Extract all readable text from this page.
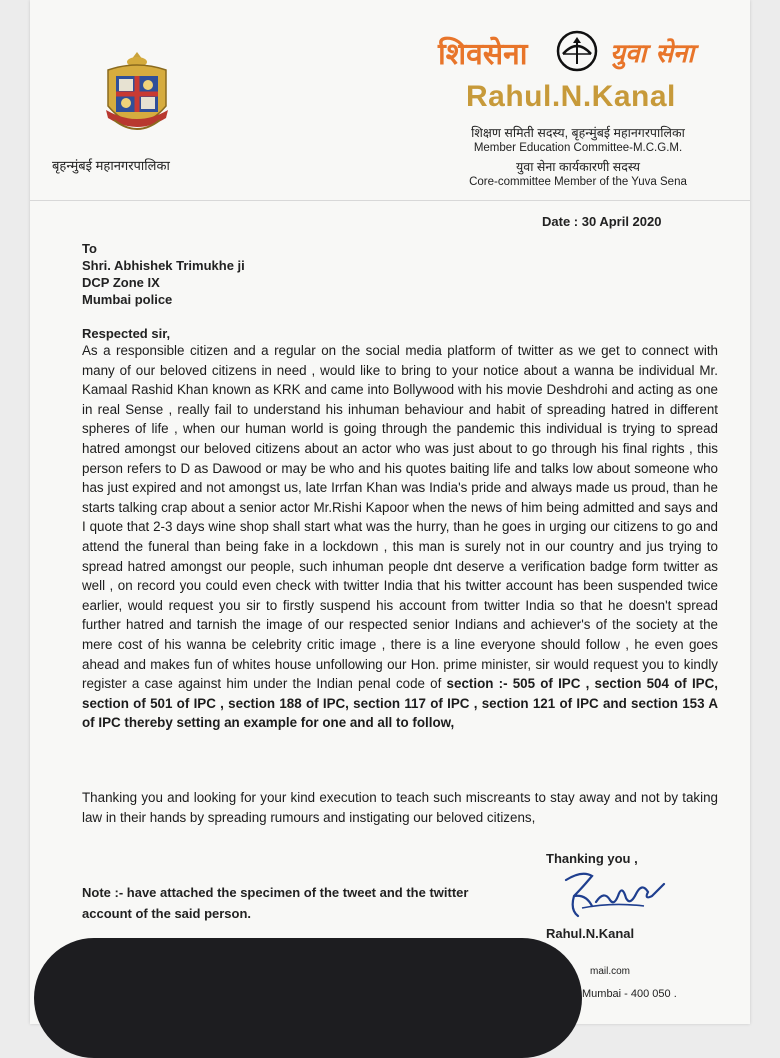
बृहन्मुंबई महानगरपालिका
शिवसेना	युवा सेना
Rahul.N.Kanal
शिक्षण समिती सदस्य, बृहन्मुंबई महानगरपालिका
Member Education Committee-M.C.G.M.
युवा सेना कार्यकारणी सदस्य
Core-committee Member of the Yuva Sena
Date : 30 April 2020
To
Shri. Abhishek Trimukhe ji
DCP Zone IX
Mumbai police
Respected sir,
As a responsible citizen and a regular on the social media platform of twitter as we get to connect with many of our beloved citizens in need , would like to bring to your notice about a wanna be individual Mr. Kamaal Rashid Khan known as KRK and came into Bollywood with his movie Deshdrohi and acting as one in real Sense , really fail to understand his inhuman behaviour and habit of spreading hatred in different spheres of life , when our human world is going through the pandemic this individual is trying to spread hatred amongst our beloved citizens about an actor who was just about to go through his final rights , this person refers to D as Dawood or may be who and his quotes baiting life and talks low about someone who has just expired and not amongst us, late Irrfan Khan was India's pride and always made us proud, than he starts talking crap about a senior actor Mr.Rishi Kapoor when the news of him being admitted and says and I quote that 2-3 days wine shop shall start what was the hurry, than he goes in urging our citizens to go and attend the funeral than being fake in a lockdown , this man is surely not in our country and jus trying to spread hatred amongst our people, such inhuman people dnt deserve a verification badge form twitter as well , on record you could even check with twitter India that his twitter account has been suspended twice earlier, would request you sir to firstly suspend his account from twitter India so that he doesn't spread further hatred and tarnish the image of our respected senior Indians and achiever's of the society at the mere cost of his wanna be celebrity critic image , there is a line everyone should follow , he even goes ahead and makes fun of whites house unfollowing our Hon. prime minister, sir would request you to kindly register a case against him under the Indian penal code of section :- 505 of IPC , section 504 of IPC, section of 501 of IPC , section 188 of IPC, section 117 of IPC , section 121 of IPC and section 153 A of IPC thereby setting an example for one and all to follow,
Thanking you and looking for your kind execution to teach such miscreants to stay away and not by taking law in their hands by spreading rumours and instigating our beloved citizens,
Thanking you ,
Rahul.N.Kanal
Note :- have attached the specimen of the tweet and the twitter account of the said person.
mail.com
Mumbai - 400 050 .
